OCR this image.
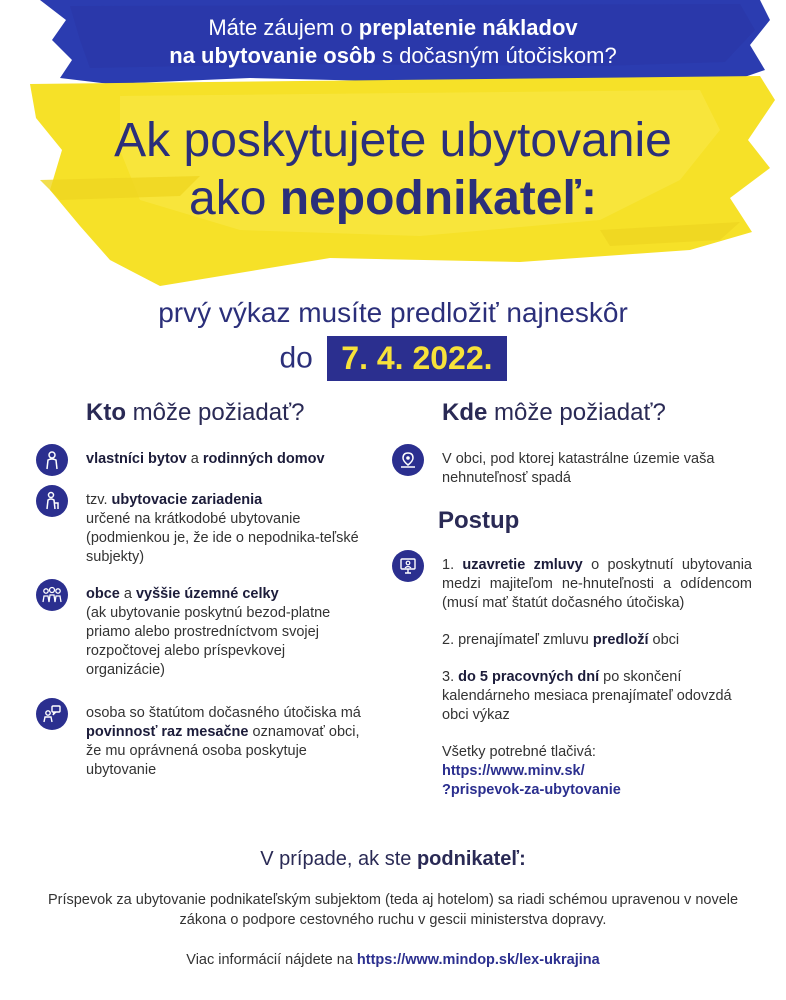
Máte záujem o preplatenie nákladov
na ubytovanie osôb s dočasným útočiskom?
Ak poskytujete ubytovanie
ako nepodnikateľ:
prvý výkaz musíte predložiť najneskôr
do 7. 4. 2022.
Kto môže požiadať?
vlastníci bytov a rodinných domov
tzv. ubytovacie zariadenia
určené na krátkodobé ubytovanie (podmienkou je, že ide o nepodnika-teľské subjekty)
obce a vyššie územné celky
(ak ubytovanie poskytnú bezod-platne priamo alebo prostredníctvom svojej rozpočtovej alebo príspevkovej organizácie)
osoba so štatútom dočasného útočiska má povinnosť raz mesačne oznamovať obci, že mu oprávnená osoba poskytuje ubytovanie
Kde môže požiadať?
V obci, pod ktorej katastrálne územie vaša nehnuteľnosť spadá
Postup
1. uzavretie zmluvy o poskytnutí ubytovania medzi majiteľom ne-hnuteľnosti a odídencom (musí mať štatút dočasného útočiska)
2. prenajímateľ zmluvu predloží obci
3. do 5 pracovných dní po skončení kalendárneho mesiaca prenajímateľ odovzdá obci výkaz
Všetky potrebné tlačivá:
https://www.minv.sk/
?prispevok-za-ubytovanie
V prípade, ak ste podnikateľ:
Príspevok za ubytovanie podnikateľským subjektom (teda aj hotelom) sa riadi schémou upravenou v novele zákona o podpore cestovného ruchu v gescii ministerstva dopravy.
Viac informácií nájdete na https://www.mindop.sk/lex-ukrajina
